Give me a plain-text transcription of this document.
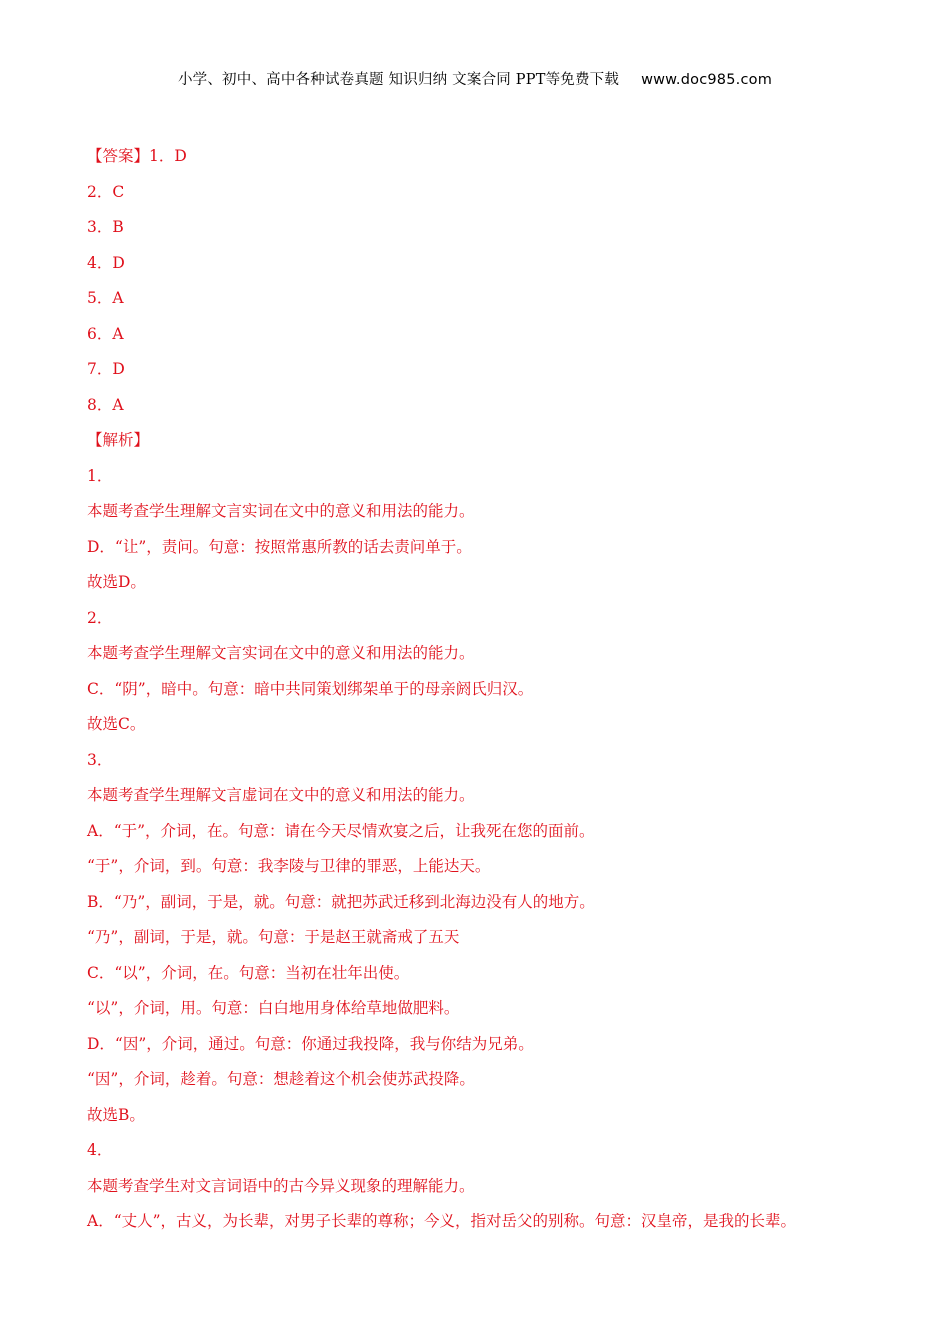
小学、初中、高中各种试卷真题 知识归纳 文案合同 PPT等免费下载 www.doc985.com
【答案】1．D
2．C
3．B
4．D
5．A
6．A
7．D
8．A
【解析】
1．
本题考查学生理解文言实词在文中的意义和用法的能力。
D．“让”，责问。句意：按照常惠所教的话去责问单于。
故选D。
2．
本题考查学生理解文言实词在文中的意义和用法的能力。
C．“阴”，暗中。句意：暗中共同策划绑架单于的母亲阏氏归汉。
故选C。
3．
本题考查学生理解文言虚词在文中的意义和用法的能力。
A．“于”，介词，在。句意：请在今天尽情欢宴之后，让我死在您的面前。
“于”，介词，到。句意：我李陵与卫律的罪恶，上能达天。
B．“乃”，副词，于是，就。句意：就把苏武迁移到北海边没有人的地方。
“乃”，副词，于是，就。句意：于是赵王就斋戒了五天
C．“以”，介词，在。句意：当初在壮年出使。
“以”，介词，用。句意：白白地用身体给草地做肥料。
D．“因”，介词，通过。句意：你通过我投降，我与你结为兄弟。
“因”，介词，趁着。句意：想趁着这个机会使苏武投降。
故选B。
4．
本题考查学生对文言词语中的古今异义现象的理解能力。
A．“丈人”，古义，为长辈，对男子长辈的尊称；今义，指对岳父的别称。句意：汉皇帝，是我的长辈。
